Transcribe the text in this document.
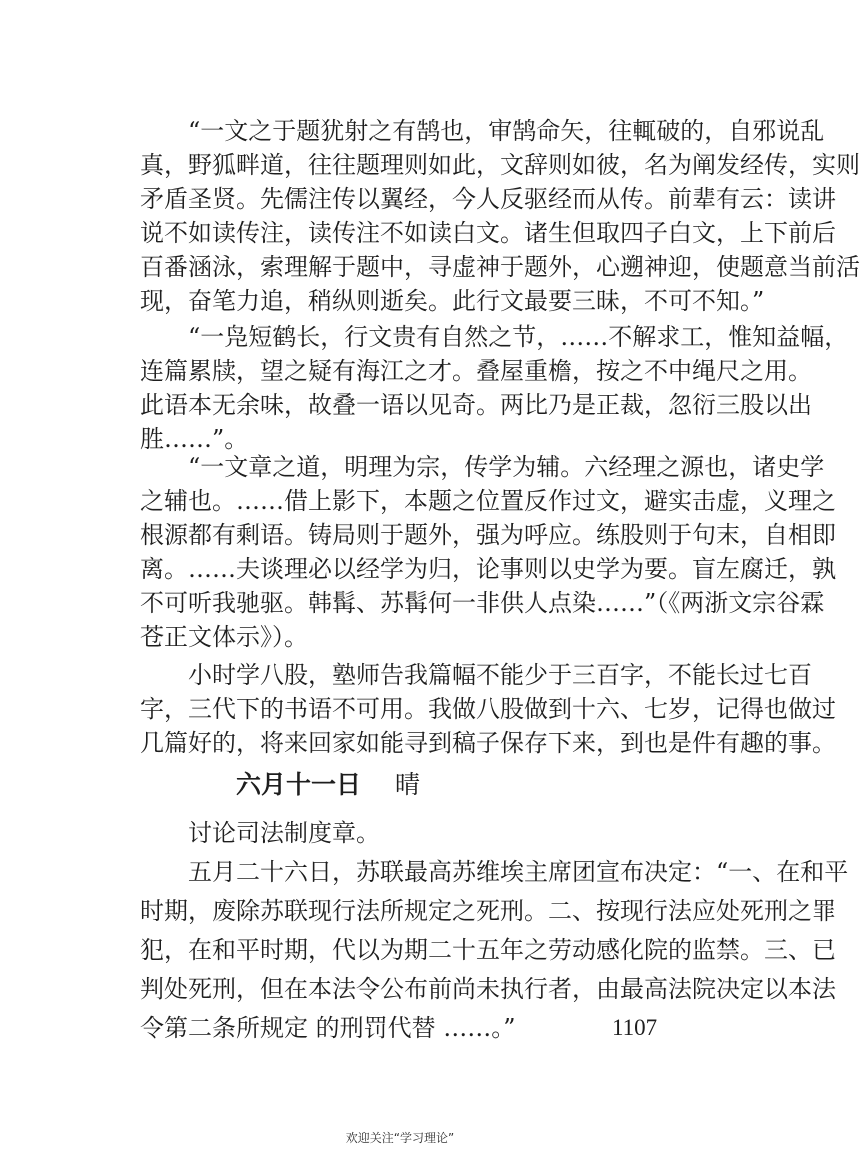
“一文之于题犹射之有鹄也，审鹄命矢，往輒破的，自邪说乱
真，野狐畔道，往往题理则如此，文辞则如彼，名为阐发经传，实则
矛盾圣贤。先儒注传以翼经，今人反驱经而从传。前辈有云：读讲
说不如读传注，读传注不如读白文。诸生但取四子白文，上下前后
百番涵泳，索理解于题中，寻虚神于题外，心遡神迎，使题意当前活
现，奋笔力追，稍纵则逝矣。此行文最要三昧，不可不知。”
“一凫短鹤长，行文贵有自然之节，……不解求工，惟知益幅，
连篇累牍，望之疑有海江之才。叠屋重檐，按之不中绳尺之用。
此语本无余味，故叠一语以见奇。两比乃是正裁，忽衍三股以出
胜……”。
“一文章之道，明理为宗，传学为辅。六经理之源也，诸史学
之辅也。……借上影下，本题之位置反作过文，避实击虚，义理之
根源都有剩语。铸局则于题外，强为呼应。练股则于句末，自相即
离。……夫谈理必以经学为归，论事则以史学为要。盲左腐迁，孰
不可听我驰驱。韩髯、苏髯何一非供人点染……”（《两浙文宗谷霖
苍正文体示》）。
小时学八股，塾师告我篇幅不能少于三百字，不能长过七百
字，三代下的书语不可用。我做八股做到十六、七岁，记得也做过
几篇好的，将来回家如能寻到稿子保存下来，到也是件有趣的事。
六月十一日 晴
讨论司法制度章。
五月二十六日，苏联最高苏维埃主席团宣布决定：“一、在和平
时期，废除苏联现行法所规定之死刑。二、按现行法应处死刑之罪
犯，在和平时期，代以为期二十五年之劳动感化院的监禁。三、已
判处死刑，但在本法令公布前尚未执行者，由最高法院决定以本法
令第二条所规定 的刑罚代替 ……。”	1107
欢迎关注“学习理论”
